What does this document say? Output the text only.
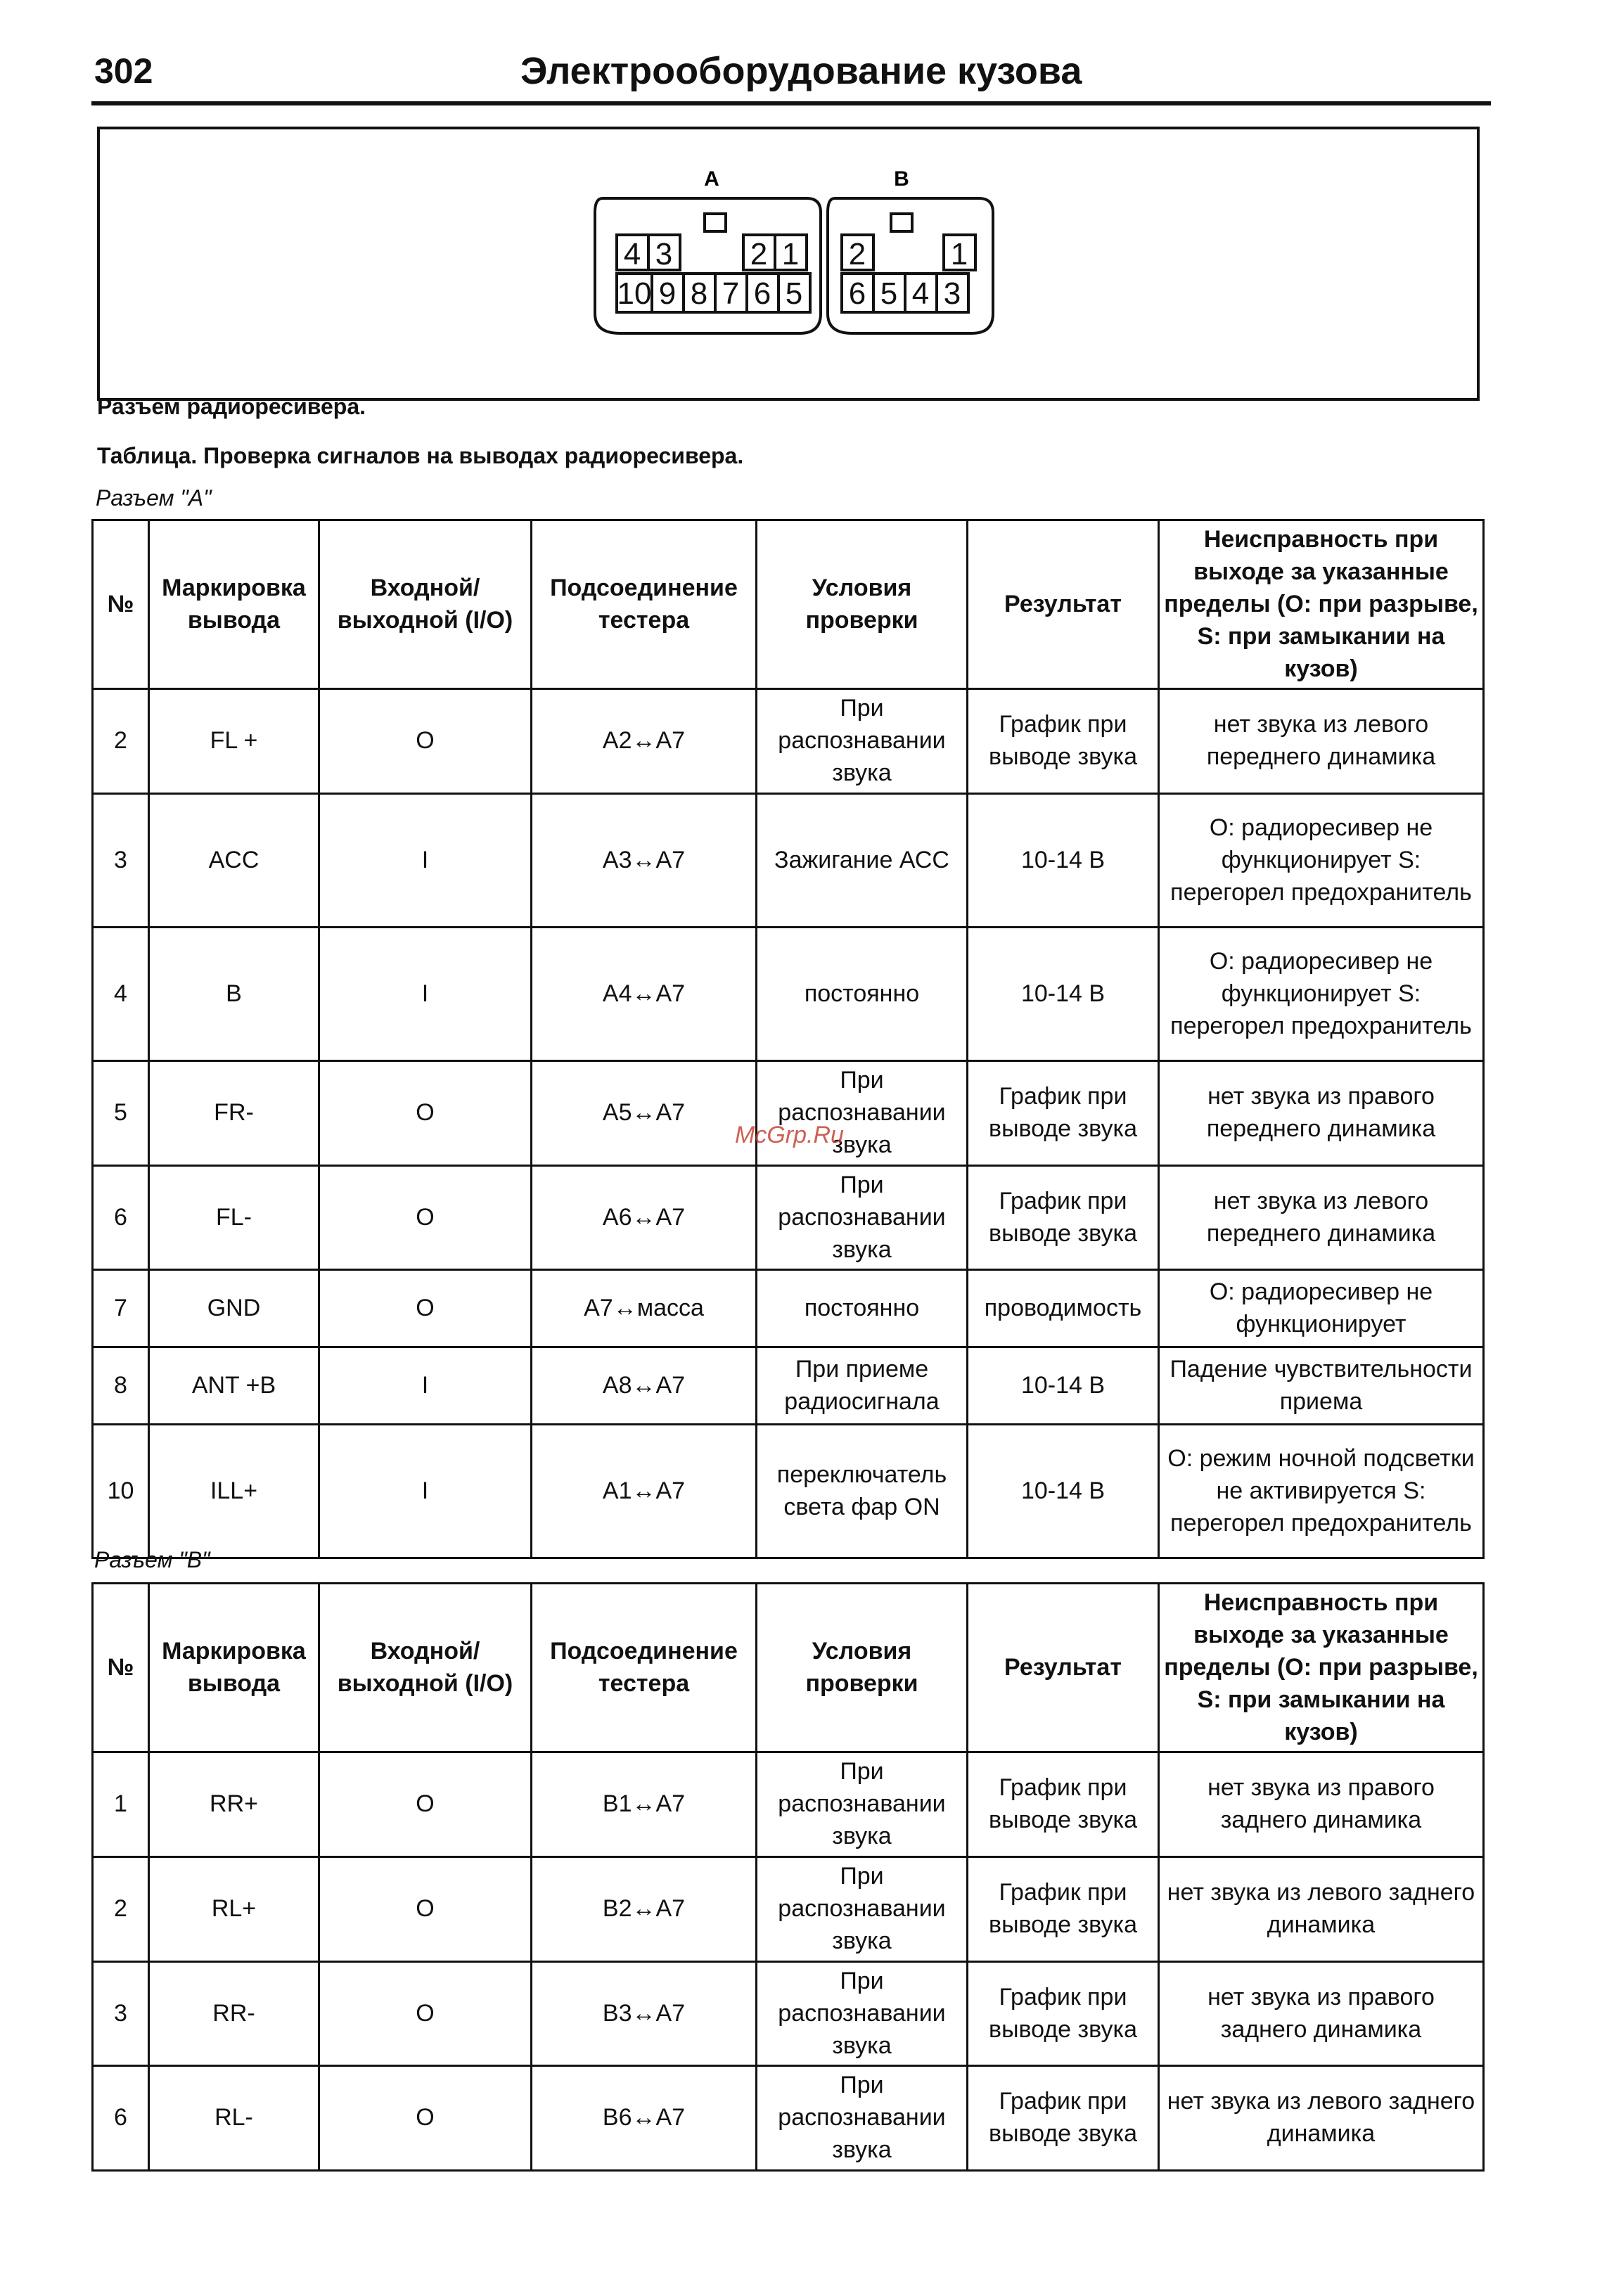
302	Электрооборудование кузова
A
4 3	2 1
10 9 8 7 6 5
B
2	1
6 5 4 3
Разъем радиоресивера.
Таблица. Проверка сигналов на выводах радиоресивера.
Разъем "А"
№	Маркировка вывода	Входной/ выходной (I/O)	Подсоединение тестера	Условия проверки	Результат	Неисправность при выходе за указанные пределы (О: при разрыве, S: при замыкании на кузов)
2	FL +	O	A2↔A7	При распознавании звука	График при выводе звука	нет звука из левого переднего динамика
3	ACC	I	A3↔A7	Зажигание АСС	10-14 В	О: радиоресивер не функционирует S: перегорел предохранитель
4	B	I	A4↔A7	постоянно	10-14 В	О: радиоресивер не функционирует S: перегорел предохранитель
5	FR-	O	A5↔A7	При распознавании звука	График при выводе звука	нет звука из правого переднего динамика
6	FL-	O	A6↔A7	При распознавании звука	График при выводе звука	нет звука из левого переднего динамика
7	GND	O	A7↔масса	постоянно	проводимость	О: радиоресивер не функционирует
8	ANT +B	I	A8↔A7	При приеме радиосигнала	10-14 В	Падение чувствительности приема
10	ILL+	I	A1↔A7	переключатель света фар ON	10-14 В	О: режим ночной подсветки не активируется S: перегорел предохранитель
Разъем "В"
№	Маркировка вывода	Входной/ выходной (I/O)	Подсоединение тестера	Условия проверки	Результат	Неисправность при выходе за указанные пределы (О: при разрыве, S: при замыкании на кузов)
1	RR+	O	B1↔A7	При распознавании звука	График при выводе звука	нет звука из правого заднего динамика
2	RL+	O	B2↔A7	При распознавании звука	График при выводе звука	нет звука из левого заднего динамика
3	RR-	O	B3↔A7	При распознавании звука	График при выводе звука	нет звука из правого заднего динамика
6	RL-	O	B6↔A7	При распознавании звука	График при выводе звука	нет звука из левого заднего динамика
McGrp.Ru
